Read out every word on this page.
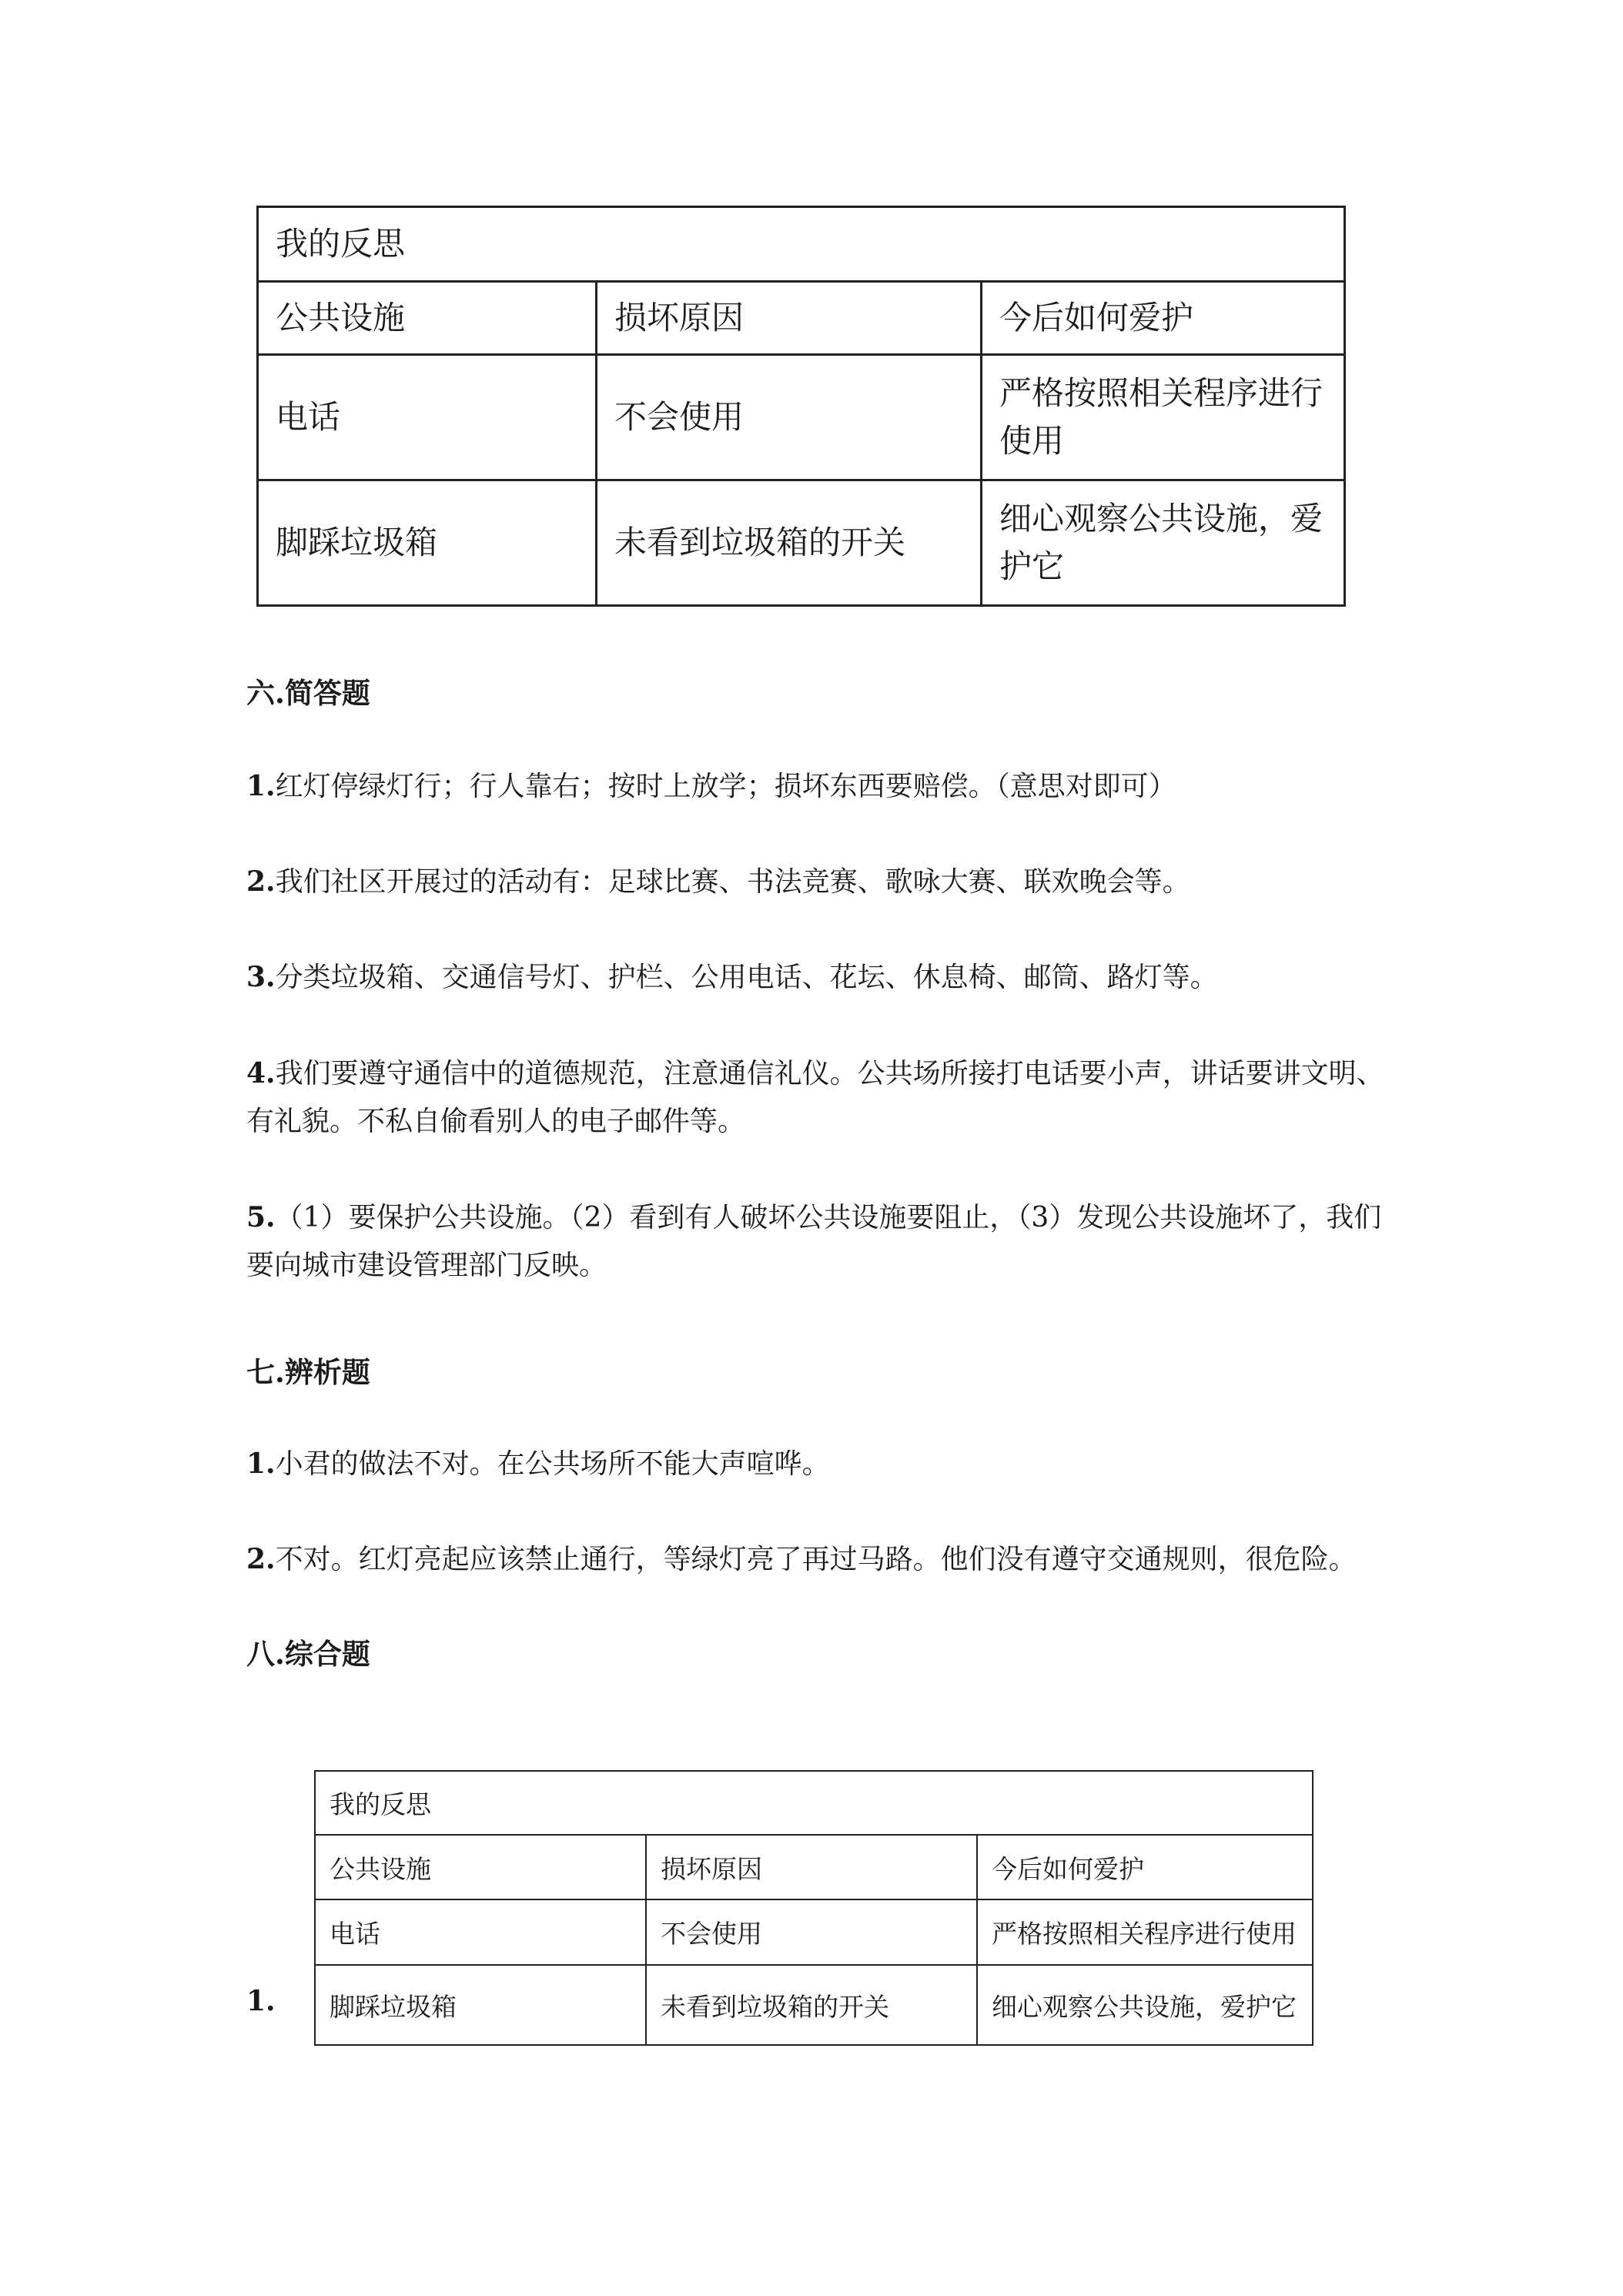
我的反思		
公共设施	损坏原因	今后如何爱护
电话	不会使用	严格按照相关程序进行使用
脚踩垃圾箱	未看到垃圾箱的开关	细心观察公共设施，爱护它
六.简答题
1.红灯停绿灯行；行人靠右；按时上放学；损坏东西要赔偿。（意思对即可）
2.我们社区开展过的活动有：足球比赛、书法竞赛、歌咏大赛、联欢晚会等。
3.分类垃圾箱、交通信号灯、护栏、公用电话、花坛、休息椅、邮筒、路灯等。
4.我们要遵守通信中的道德规范，注意通信礼仪。公共场所接打电话要小声，讲话要讲文明、有礼貌。不私自偷看别人的电子邮件等。
5.（1）要保护公共设施。（2）看到有人破坏公共设施要阻止，（3）发现公共设施坏了，我们要向城市建设管理部门反映。
七.辨析题
1.小君的做法不对。在公共场所不能大声喧哗。
2.不对。红灯亮起应该禁止通行，等绿灯亮了再过马路。他们没有遵守交通规则，很危险。
八.综合题
1.
我的反思		
公共设施	损坏原因	今后如何爱护
电话	不会使用	严格按照相关程序进行使用
脚踩垃圾箱	未看到垃圾箱的开关	细心观察公共设施，爱护它
